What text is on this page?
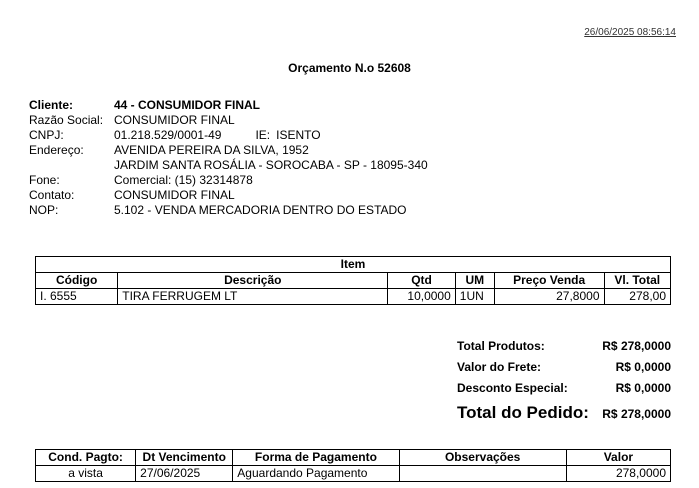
26/06/2025 08:56:14
Orçamento N.o 52608
Cliente:	44 - CONSUMIDOR FINAL
Razão Social: CONSUMIDOR FINAL
CNPJ:	01.218.529/0001-49	IE: ISENTO
Endereço:	AVENIDA PEREIRA DA SILVA, 1952
JARDIM SANTA ROSÁLIA - SOROCABA - SP - 18095-340
Fone:	Comercial: (15) 32314878
Contato:	CONSUMIDOR FINAL
NOP:	5.102 - VENDA MERCADORIA DENTRO DO ESTADO
Item					
Código	Descrição	Qtd	UM	Preço Venda	Vl. Total
I. 6555	TIRA FERRUGEM LT	10,0000	1UN	27,8000	278,00
Total Produtos:	R$ 278,0000
Valor do Frete:	R$ 0,0000
Desconto Especial:	R$ 0,0000
Total do Pedido: R$ 278,0000
Cond. Pagto:	Dt Vencimento	Forma de Pagamento	Observações	Valor
a vista	27/06/2025	Aguardando Pagamento		278,0000
